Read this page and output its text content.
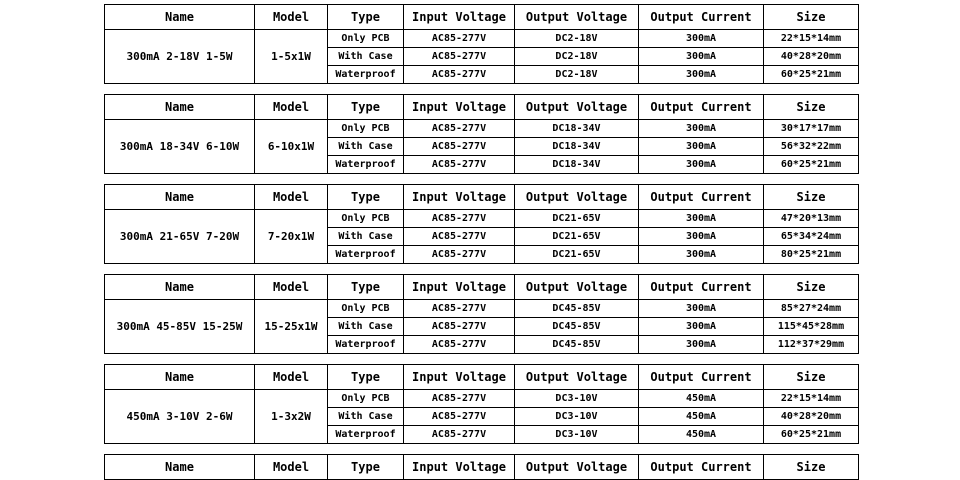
Name	Model	Type	Input Voltage	Output Voltage	Output Current	Size
300mA 2-18V 1-5W	1-5x1W	Only PCB	AC85-277V	DC2-18V	300mA	22*15*14mm
		With Case	AC85-277V	DC2-18V	300mA	40*28*20mm
		Waterproof	AC85-277V	DC2-18V	300mA	60*25*21mm

Name	Model	Type	Input Voltage	Output Voltage	Output Current	Size
300mA 18-34V 6-10W	6-10x1W	Only PCB	AC85-277V	DC18-34V	300mA	30*17*17mm
		With Case	AC85-277V	DC18-34V	300mA	56*32*22mm
		Waterproof	AC85-277V	DC18-34V	300mA	60*25*21mm

Name	Model	Type	Input Voltage	Output Voltage	Output Current	Size
300mA 21-65V 7-20W	7-20x1W	Only PCB	AC85-277V	DC21-65V	300mA	47*20*13mm
		With Case	AC85-277V	DC21-65V	300mA	65*34*24mm
		Waterproof	AC85-277V	DC21-65V	300mA	80*25*21mm

Name	Model	Type	Input Voltage	Output Voltage	Output Current	Size
300mA 45-85V 15-25W	15-25x1W	Only PCB	AC85-277V	DC45-85V	300mA	85*27*24mm
		With Case	AC85-277V	DC45-85V	300mA	115*45*28mm
		Waterproof	AC85-277V	DC45-85V	300mA	112*37*29mm

Name	Model	Type	Input Voltage	Output Voltage	Output Current	Size
450mA 3-10V 2-6W	1-3x2W	Only PCB	AC85-277V	DC3-10V	450mA	22*15*14mm
		With Case	AC85-277V	DC3-10V	450mA	40*28*20mm
		Waterproof	AC85-277V	DC3-10V	450mA	60*25*21mm

Name	Model	Type	Input Voltage	Output Voltage	Output Current	Size
